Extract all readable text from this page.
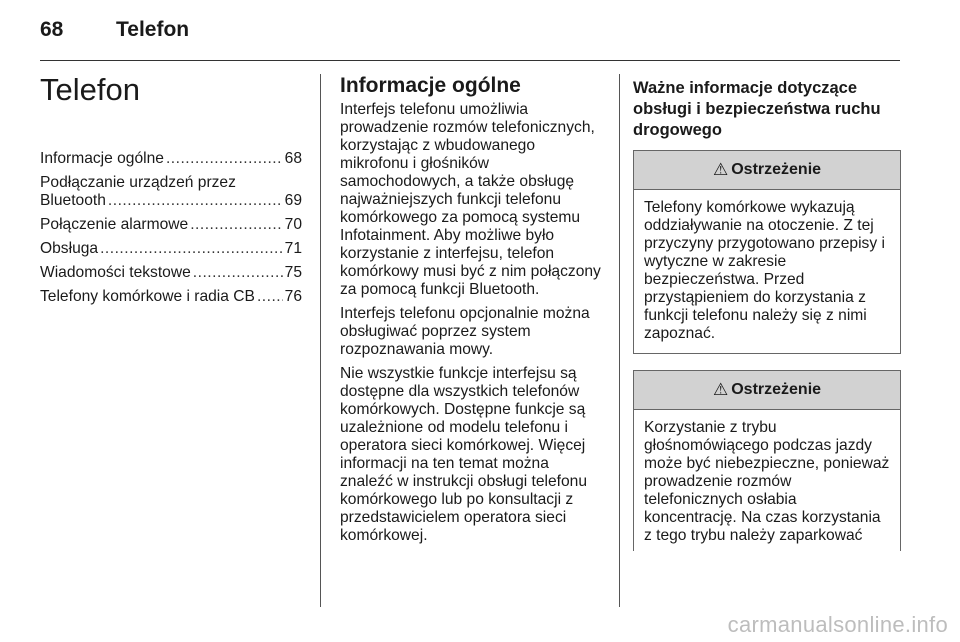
68	Telefon
Telefon
Informacje ogólne .....	68
Podłączanie urządzeń przez
Bluetooth .....	69
Połączenie alarmowe .....	70
Obsługa .....	71
Wiadomości tekstowe .....	75
Telefony komórkowe i radia CB ..... 76
Informacje ogólne

Interfejs telefonu umożliwia prowadzenie rozmów telefonicznych, korzystając z wbudowanego mikrofonu i głośników samochodowych, a także obsługę najważniejszych funkcji telefonu komórkowego za pomocą systemu Infotainment. Aby możliwe było korzystanie z interfejsu, telefon komórkowy musi być z nim połączony za pomocą funkcji Bluetooth.

Interfejs telefonu opcjonalnie można obsługiwać poprzez system rozpoznawania mowy.

Nie wszystkie funkcje interfejsu są dostępne dla wszystkich telefonów komórkowych. Dostępne funkcje są uzależnione od modelu telefonu i operatora sieci komórkowej. Więcej informacji na ten temat można znaleźć w instrukcji obsługi telefonu komórkowego lub po konsultacji z przedstawicielem operatora sieci komórkowej.

Ważne informacje dotyczące obsługi i bezpieczeństwa ruchu drogowego
⚠ Ostrzeżenie
Telefony komórkowe wykazują oddziaływanie na otoczenie. Z tej przyczyny przygotowano przepisy i wytyczne w zakresie bezpieczeństwa. Przed przystąpieniem do korzystania z funkcji telefonu należy się z nimi zapoznać.
⚠ Ostrzeżenie
Korzystanie z trybu głośnomówiącego podczas jazdy może być niebezpieczne, ponieważ prowadzenie rozmów telefonicznych osłabia koncentrację. Na czas korzystania z tego trybu należy zaparkować
carmanualsonline.info
